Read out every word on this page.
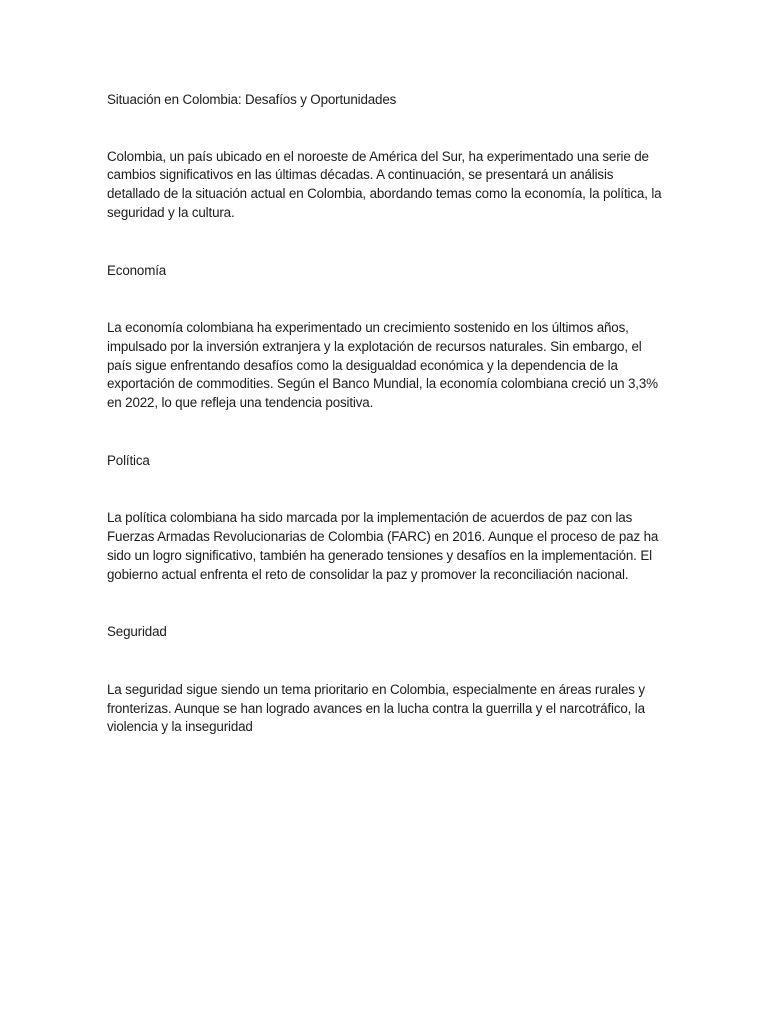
Situación en Colombia: Desafíos y Oportunidades

Colombia, un país ubicado en el noroeste de América del Sur, ha experimentado una serie de cambios significativos en las últimas décadas. A continuación, se presentará un análisis detallado de la situación actual en Colombia, abordando temas como la economía, la política, la seguridad y la cultura.

Economía

La economía colombiana ha experimentado un crecimiento sostenido en los últimos años, impulsado por la inversión extranjera y la explotación de recursos naturales. Sin embargo, el país sigue enfrentando desafíos como la desigualdad económica y la dependencia de la exportación de commodities. Según el Banco Mundial, la economía colombiana creció un 3,3% en 2022, lo que refleja una tendencia positiva.

Política

La política colombiana ha sido marcada por la implementación de acuerdos de paz con las Fuerzas Armadas Revolucionarias de Colombia (FARC) en 2016. Aunque el proceso de paz ha sido un logro significativo, también ha generado tensiones y desafíos en la implementación. El gobierno actual enfrenta el reto de consolidar la paz y promover la reconciliación nacional.

Seguridad

La seguridad sigue siendo un tema prioritario en Colombia, especialmente en áreas rurales y fronterizas. Aunque se han logrado avances en la lucha contra la guerrilla y el narcotráfico, la violencia y la inseguridad
